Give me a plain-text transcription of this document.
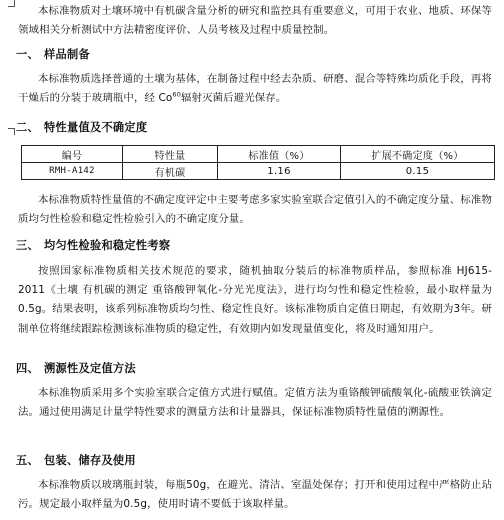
本标准物质对土壤环境中有机碳含量分析的研究和监控具有重要意义，可用于农业、地质、环保等领域相关分析测试中方法精密度评价、人员考核及过程中质量控制。

一、 样品制备

本标准物质选择普通的土壤为基体，在制备过程中经去杂质、研磨、混合等特殊均质化手段，再将干燥后的分装于玻璃瓶中，经 Co$^{60}$辐射灭菌后避光保存。

二、 特性量值及不确定度
编号	特性量	标准值（%）	扩展不确定度（%）
RMH-A142	有机碳	1.16	0.15

本标准物质特性量值的不确定度评定中主要考虑多家实验室联合定值引入的不确定度分量、标准物质均匀性检验和稳定性检验引入的不确定度分量。

三、 均匀性检验和稳定性考察

按照国家标准物质相关技术规范的要求，随机抽取分装后的标准物质样品，参照标准 HJ615-2011《土壤 有机碳的测定 重铬酸钾氧化-分光光度法》，进行均匀性和稳定性检验，最小取样量为0.5g。结果表明，该系列标准物质均匀性、稳定性良好。该标准物质自定值日期起，有效期为3年。研制单位将继续跟踪检测该标准物质的稳定性，有效期内如发现量值变化，将及时通知用户。

四、 溯源性及定值方法

本标准物质采用多个实验室联合定值方式进行赋值。定值方法为重铬酸钾硫酸氧化-硫酸亚铁滴定法。通过使用满足计量学特性要求的测量方法和计量器具，保证标准物质特性量值的溯源性。

五、 包装、储存及使用

本标准物质以玻璃瓶封装，每瓶50g，在避光、清洁、室温处保存；打开和使用过程中严格防止玷污。规定最小取样量为0.5g，使用时请不要低于该取样量。
